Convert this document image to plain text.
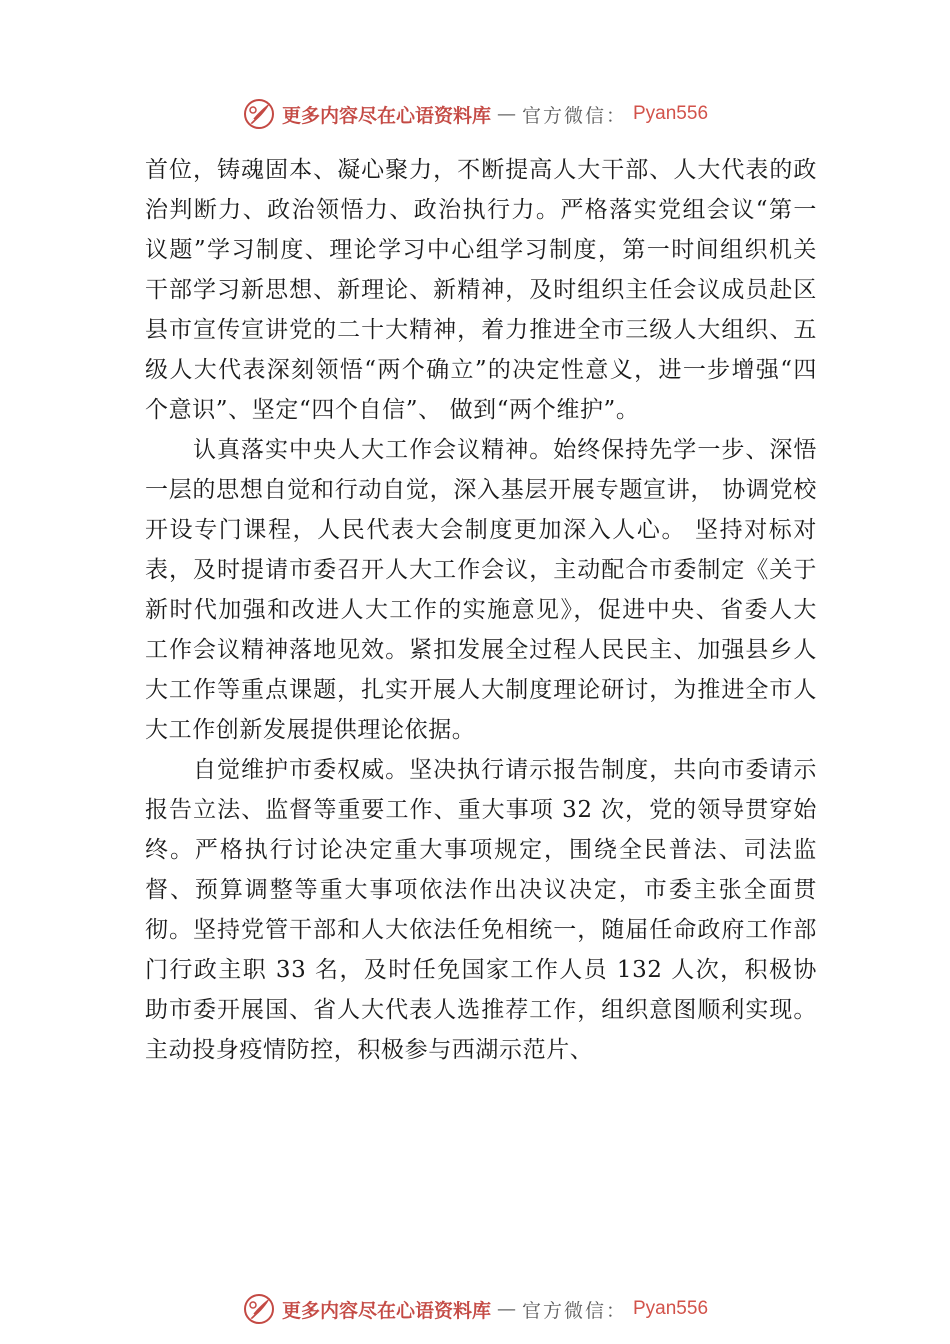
更多内容尽在心语资料库 — 官方微信： Pyan556

首位，铸魂固本、凝心聚力，不断提高人大干部、人大代表的政治判断力、政治领悟力、政治执行力。严格落实党组会议“第一议题”学习制度、理论学习中心组学习制度，第一时间组织机关干部学习新思想、新理论、新精神，及时组织主任会议成员赴区县市宣传宣讲党的二十大精神，着力推进全市三级人大组织、五级人大代表深刻领悟“两个确立”的决定性意义，进一步增强“四个意识”、坚定“四个自信”、 做到“两个维护”。

认真落实中央人大工作会议精神。始终保持先学一步、深悟一层的思想自觉和行动自觉，深入基层开展专题宣讲， 协调党校开设专门课程，人民代表大会制度更加深入人心。 坚持对标对表，及时提请市委召开人大工作会议，主动配合市委制定《关于新时代加强和改进人大工作的实施意见》，促进中央、省委人大工作会议精神落地见效。紧扣发展全过程人民民主、加强县乡人大工作等重点课题，扎实开展人大制度理论研讨，为推进全市人大工作创新发展提供理论依据。

自觉维护市委权威。坚决执行请示报告制度，共向市委请示报告立法、监督等重要工作、重大事项 32 次，党的领导贯穿始终。严格执行讨论决定重大事项规定，围绕全民普法、司法监督、预算调整等重大事项依法作出决议决定，市委主张全面贯彻。坚持党管干部和人大依法任免相统一，随届任命政府工作部门行政主职 33 名，及时任免国家工作人员 132 人次，积极协助市委开展国、省人大代表人选推荐工作，组织意图顺利实现。主动投身疫情防控，积极参与西湖示范片、

更多内容尽在心语资料库 — 官方微信： Pyan556
